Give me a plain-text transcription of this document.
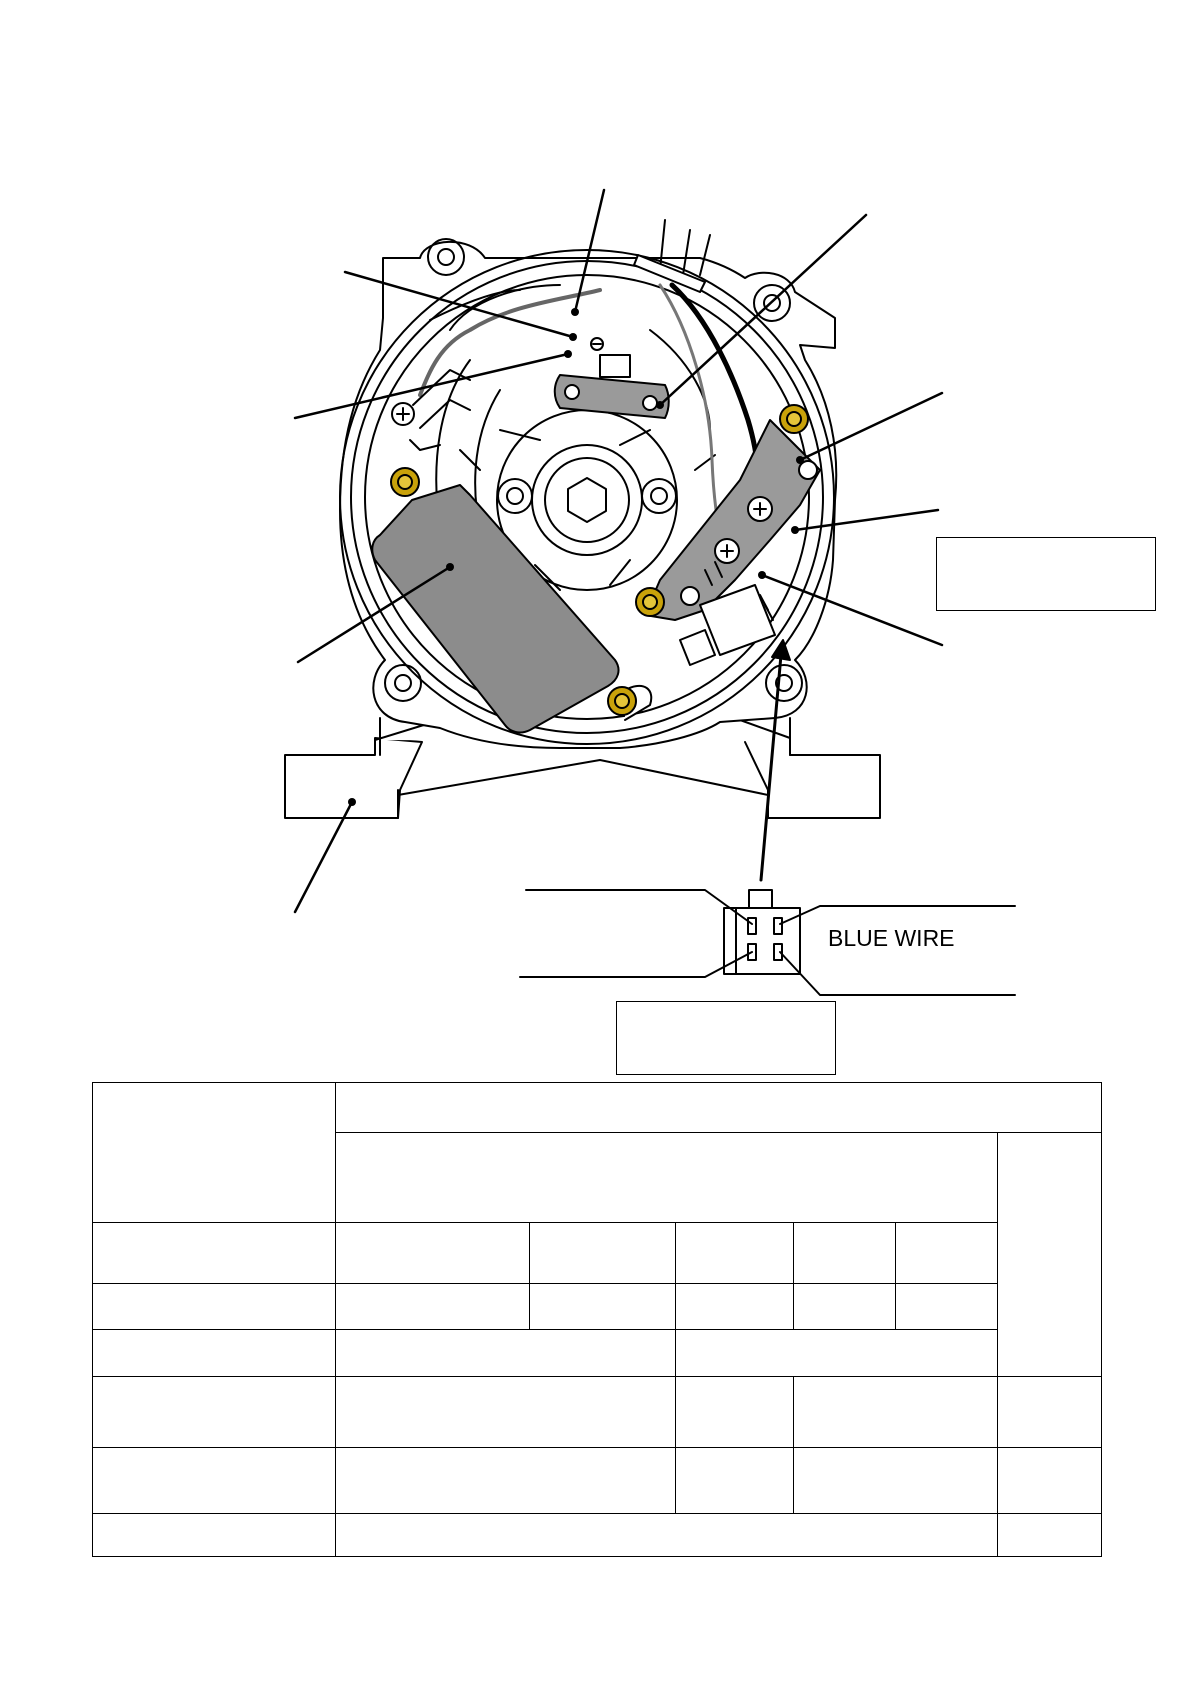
BLUE WIRE
